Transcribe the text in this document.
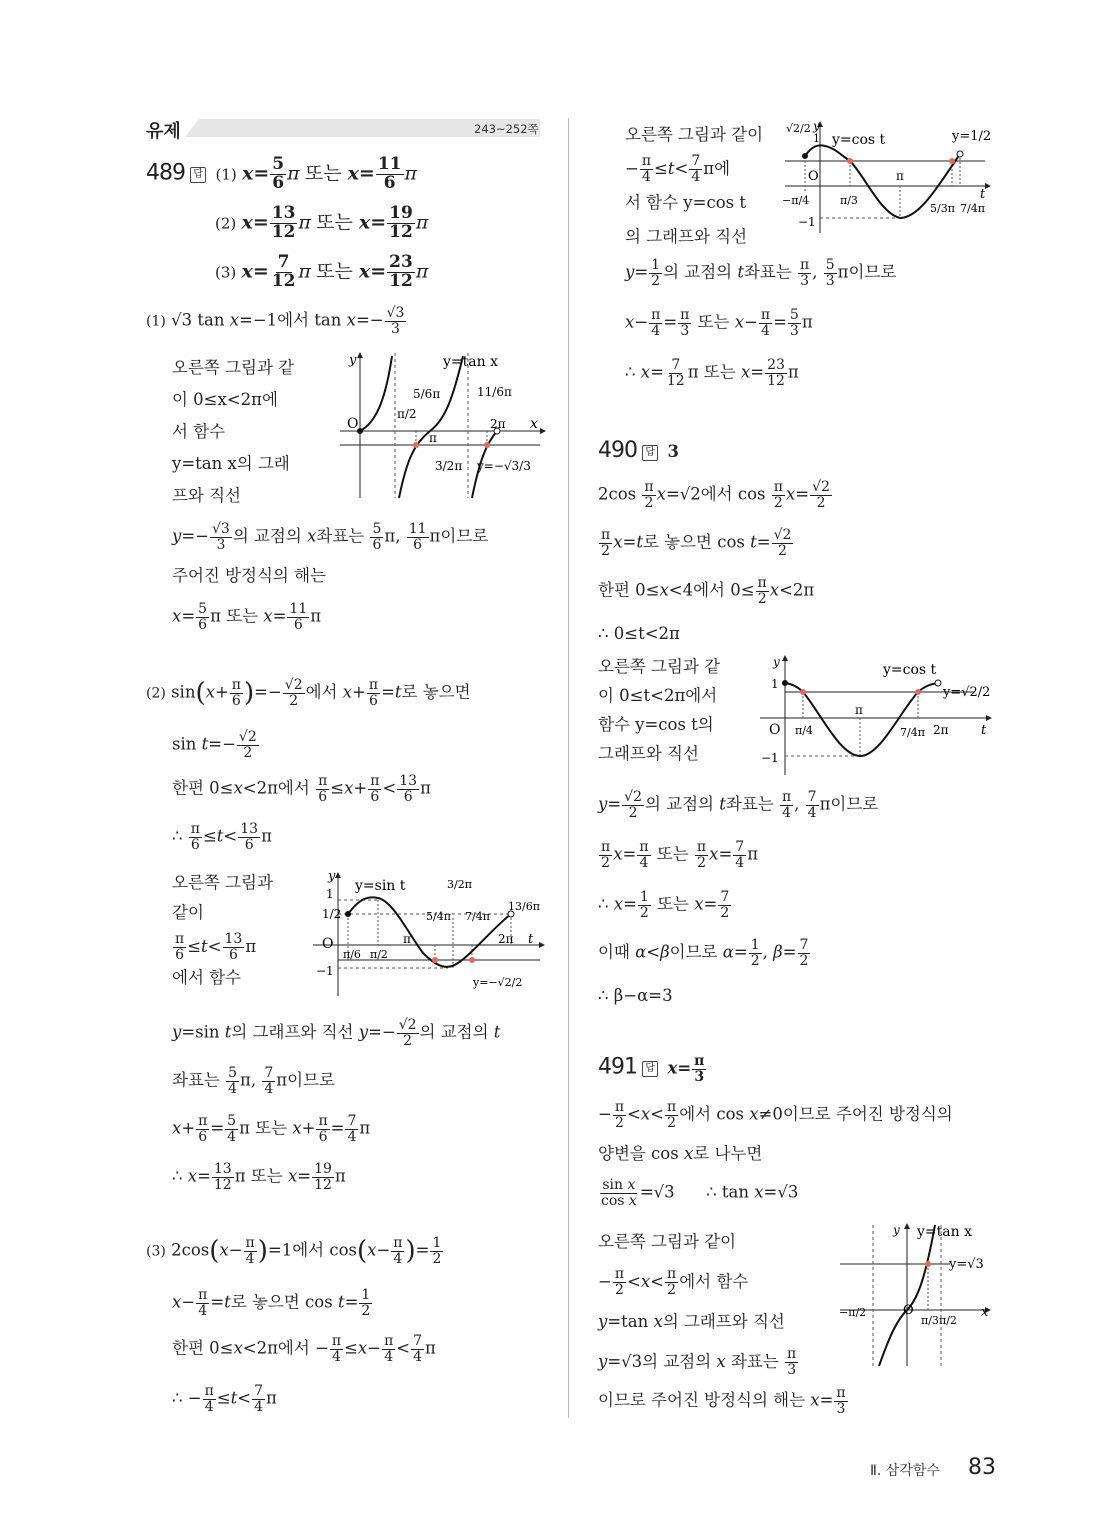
유제	243~252쪽
489 답 (1) $x= \frac{5}{6}$ π 또는 $x= \frac{11}{6}$ π
(2) $x= \frac{13}{12}$ π 또는 $x= \frac{19}{12}$ π
(3) $x= \frac{7}{12}$ π 또는 $x= \frac{23}{12}$ π
(1) √3 tan x=−1에서 $\tan x=- \frac{√3}{3}$
오른쪽 그림과 같
이 0≤x<2π에
서 함수
y=tan x의 그래
프와 직선
y	y=tan x
O	x
π/2
5/6π	11/6π
2π
π
3/2π y=−√3/3
$y=- \frac{√3}{3}$ 의 교점의 x좌표는 $\frac{5}{6} \pi$, $\frac{11}{6}$ π이므로
주어진 방정식의 해는
$x= \frac{5}{6}$ π 또는 $x= \frac{11}{6}$ π
(2) $\sin(x+ \frac{\pi}{6}$ )=− $\frac{√2}{2}$ 에서 $x+ \frac{\pi}{6} =t$로 놓으면
$\sin t=- \frac{√2}{2}$
한편 0≤x<2π에서 $\frac{\pi}{6} \le x+ \frac{\pi}{6} < \frac{13}{6}$ π
∴ $\frac{\pi}{6} \le t< \frac{13}{6}$ π
오른쪽 그림과
같이
$\frac{\pi}{6} \le t< \frac{13}{6}$ π
에서 함수
y
y=sin t
1
1/2
O
π/6 π/2
π
5/4π
3/2π
7/4π
13/6π
2π t
−1
y=−√2/2
y=sin t의 그래프와 직선 $y=- \frac{√2}{2}$ 의 교점의 t
좌표는 $\frac{5}{4} \pi$, $\frac{7}{4}$ π이므로
$x+ \frac{\pi}{6} = \frac{5}{4}$ π 또는 $x+ \frac{\pi}{6} = \frac{7}{4}$ π
∴ $x= \frac{13}{12}$ π 또는 $x= \frac{19}{12}$ π
(3) $2\cos(x- \frac{\pi}{4} )=1$에서 $\cos(x- \frac{\pi}{4}$ )= $\frac{1}{2}$
$x- \frac{\pi}{4} =t$로 놓으면 $\cos t= \frac{1}{2}$
한편 0≤x<2π에서 − $\frac{\pi}{4} \le x- \frac{\pi}{4} < \frac{7}{4}$ π
∴ − $\frac{\pi}{4} \le t< \frac{7}{4}$ π
오른쪽 그림과 같이
− $\frac{\pi}{4} \le t< \frac{7}{4}$ π에
서 함수 y=cos t
의 그래프와 직선
√2/2
1
y
y=cos t	y=1/2
O	π
t
−π/4	π/3
5/3π 7/4π
−1
$y= \frac{1}{2}$ 의 교점의 t좌표는 $\frac{\pi}{3}$ , $\frac{5}{3}$ π이므로
$x- \frac{\pi}{4} = \frac{\pi}{3}$ 또는 $x- \frac{\pi}{4} = \frac{5}{3}$ π
∴ $x= \frac{7}{12}$ π 또는 $x= \frac{23}{12}$ π
490 답 3
$2\cos \frac{\pi}{2} x=√2$에서 $\cos \frac{\pi}{2} x= \frac{√2}{2}$
$\frac{\pi}{2} x=t$로 놓으면 $\cos t= \frac{√2}{2}$
한편 0≤x<4에서 $0\le \frac{\pi}{2} x<2\pi$
∴ 0≤t<2π
오른쪽 그림과 같
이 0≤t<2π에서
함수 y=cos t의
그래프와 직선
y	y=cos t
1
y=√2/2
π
O π/4	7/4π 2π t
−1
$y= \frac{√2}{2}$ 의 교점의 t좌표는 $\frac{\pi}{4}$ , $\frac{7}{4}$ π이므로
$\frac{\pi}{2} x= \frac{\pi}{4}$ 또는 $\frac{\pi}{2} x= \frac{7}{4}$ π
∴ $x= \frac{1}{2}$ 또는 $x= \frac{7}{2}$
이때 α<β이므로 $\alpha= \frac{1}{2}$ , $\beta= \frac{7}{2}$
∴ β−α=3
491 답 $x= \frac{\pi}{3}$
− $\frac{\pi}{2} <x< \frac{\pi}{2}$ 에서 cos x≠0이므로 주어진 방정식의
양변을 cos x로 나누면
$\frac{\text{sin x}}{\text{cos x}} =√3$      ∴ tan x=√3
오른쪽 그림과 같이
− $\frac{\pi}{2} <x< \frac{\pi}{2}$ 에서 함수
y=tan x의 그래프와 직선
y=√3의 교점의 x 좌표는 $\frac{\pi}{3}$
y y=tan x
y=√3
−π/2	O
π/3 π/2
x
이므로 주어진 방정식의 해는 $x= \frac{\pi}{3}$
Ⅱ. 삼각함수 83
